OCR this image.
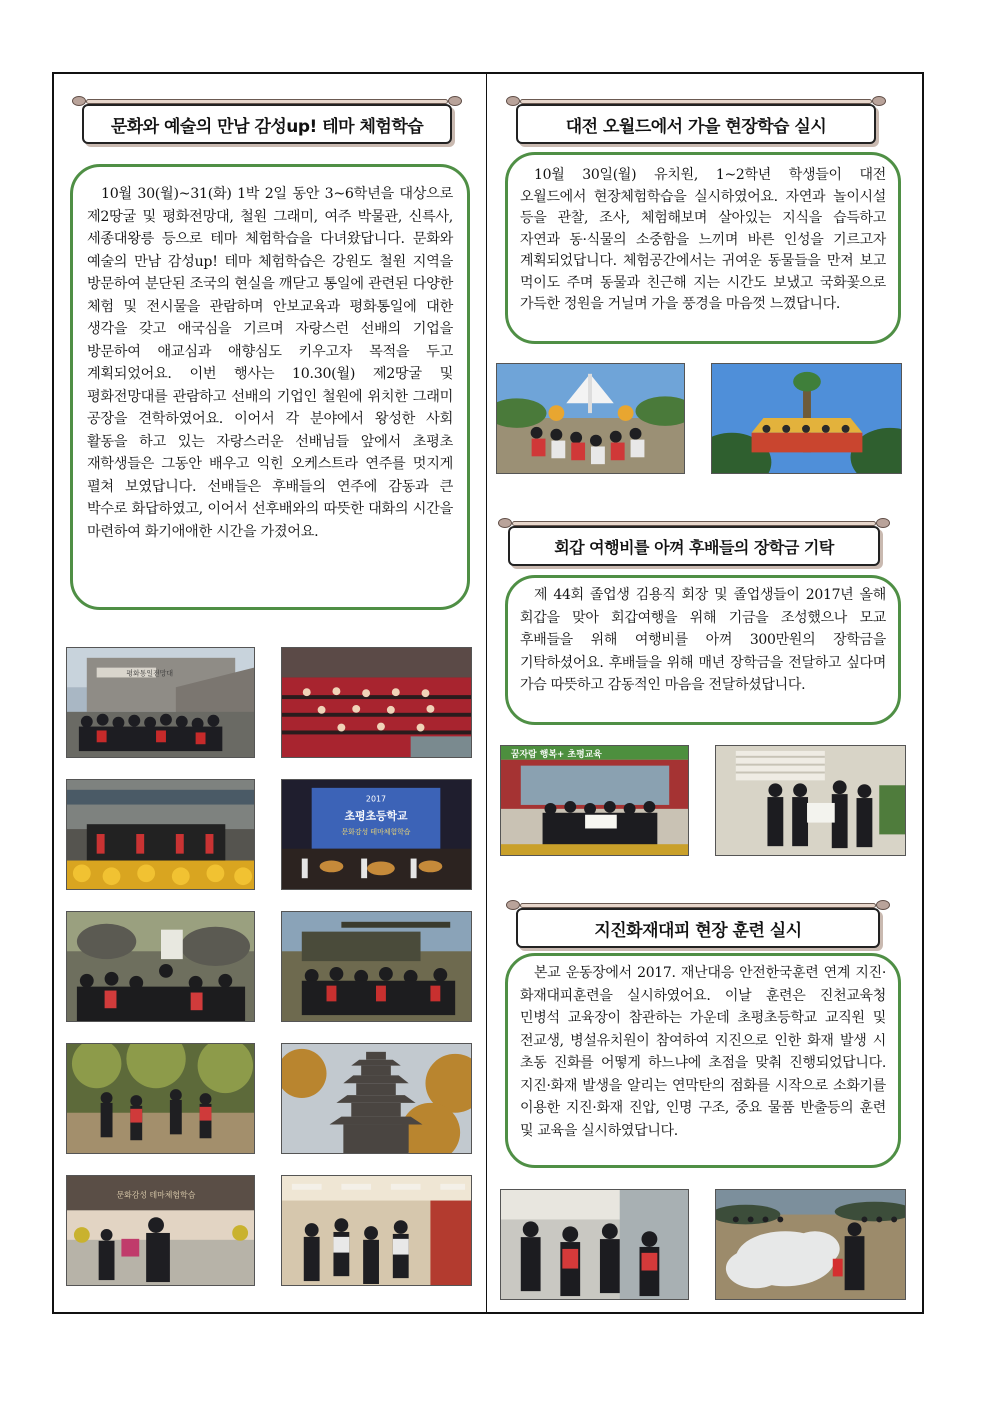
문화와 예술의 만남 감성up! 테마 체험학습

10월 30(월)~31(화) 1박 2일 동안 3~6학년을 대상으로 제2땅굴 및 평화전망대, 철원 그래미, 여주 박물관, 신륵사, 세종대왕릉 등으로 테마 체험학습을 다녀왔답니다. 문화와 예술의 만남 감성up! 테마 체험학습은 강원도 철원 지역을 방문하여 분단된 조국의 현실을 깨닫고 통일에 관련된 다양한 체험 및 전시물을 관람하며 안보교육과 평화통일에 대한 생각을 갖고 애국심을 기르며 자랑스런 선배의 기업을 방문하여 애교심과 애향심도 키우고자 목적을 두고 계획되었어요. 이번 행사는 10.30(월) 제2땅굴 및 평화전망대를 관람하고 선배의 기업인 철원에 위치한 그래미 공장을 견학하였어요. 이어서 각 분야에서 왕성한 사회 활동을 하고 있는 자랑스러운 선배님들 앞에서 초평초 재학생들은 그동안 배우고 익힌 오케스트라 연주를 멋지게 펼쳐 보였답니다. 선배들은 후배들의 연주에 감동과 큰 박수로 화답하였고, 이어서 선후배와의 따뜻한 대화의 시간을 마련하여 화기애애한 시간을 가졌어요.

평화통일전망대
2017
초평초등학교
문화감성 테마체험학습
문화감성 테마체험학습
대전 오월드에서 가을 현장학습 실시

10월 30일(월) 유치원, 1~2학년 학생들이 대전 오월드에서 현장체험학습을 실시하였어요. 자연과 놀이시설 등을 관찰, 조사, 체험해보며 살아있는 지식을 습득하고 자연과 동·식물의 소중함을 느끼며 바른 인성을 기르고자 계획되었답니다. 체험공간에서는 귀여운 동물들을 만져 보고 먹이도 주며 동물과 친근해 지는 시간도 보냈고 국화꽃으로 가득한 정원을 거닐며 가을 풍경을 마음껏 느꼈답니다.

회갑 여행비를 아껴 후배들의 장학금 기탁

제 44회 졸업생 김용직 회장 및 졸업생들이 2017년 올해 회갑을 맞아 회갑여행을 위해 기금을 조성했으나 모교 후배들을 위해 여행비를 아껴 300만원의 장학금을 기탁하셨어요. 후배들을 위해 매년 장학금을 전달하고 싶다며 가슴 따뜻하고 감동적인 마음을 전달하셨답니다.

꿈자람 행복+ 초평교육
지진화재대피 현장 훈련 실시

본교 운동장에서 2017. 재난대응 안전한국훈련 연계 지진·화재대피훈련을 실시하였어요. 이날 훈련은 진천교육청 민병석 교육장이 참관하는 가운데 초평초등학교 교직원 및 전교생, 병설유치원이 참여하여 지진으로 인한 화재 발생 시 초동 진화를 어떻게 하느냐에 초점을 맞춰 진행되었답니다. 지진·화재 발생을 알리는 연막탄의 점화를 시작으로 소화기를 이용한 지진·화재 진압, 인명 구조, 중요 물품 반출등의 훈련 및 교육을 실시하였답니다.
